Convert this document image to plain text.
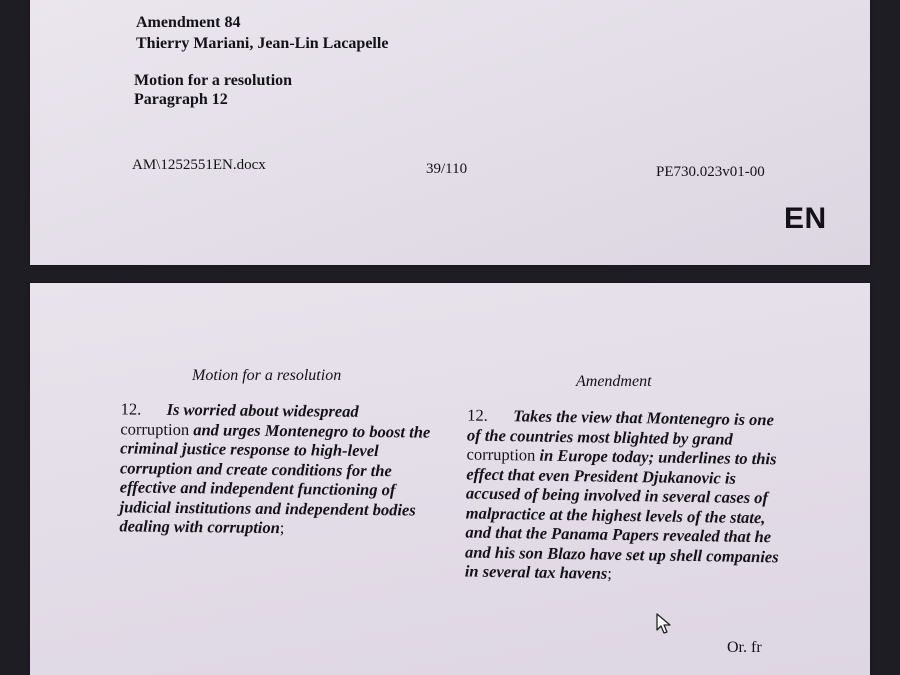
Amendment 84
Thierry Mariani, Jean-Lin Lacapelle
Motion for a resolution
Paragraph 12
AM\1252551EN.docx	39/110	PE730.023v01-00
EN
Motion for a resolution	Amendment
12. Is worried about widespread corruption and urges Montenegro to boost the criminal justice response to high-level corruption and create conditions for the effective and independent functioning of judicial institutions and independent bodies dealing with corruption;
12. Takes the view that Montenegro is one of the countries most blighted by grand corruption in Europe today; underlines to this effect that even President Djukanovic is accused of being involved in several cases of malpractice at the highest levels of the state, and that the Panama Papers revealed that he and his son Blazo have set up shell companies in several tax havens;
Or. fr
